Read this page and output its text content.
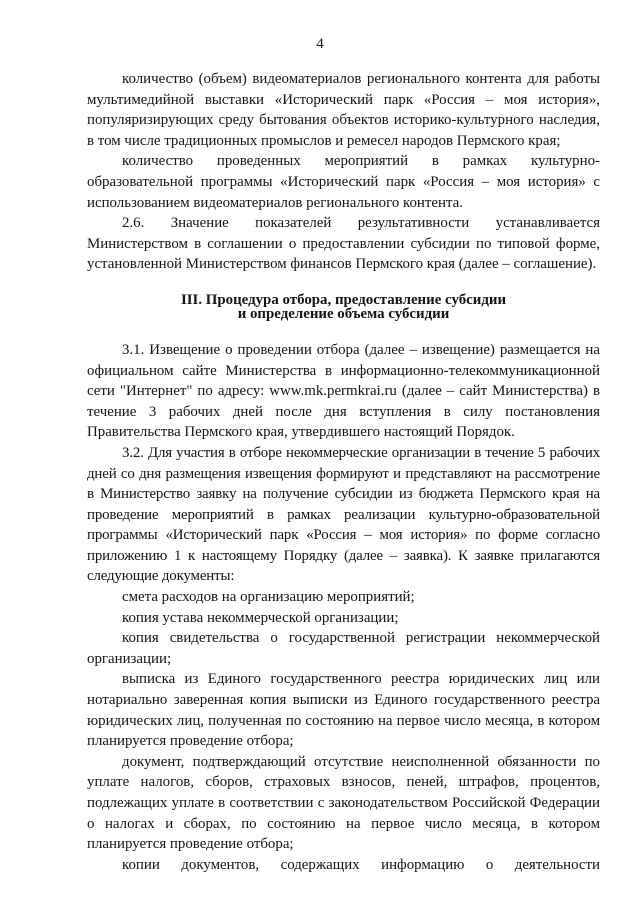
4

количество (объем) видеоматериалов регионального контента для работы мультимедийной выставки «Исторический парк «Россия – моя история», популяризирующих среду бытования объектов историко-культурного наследия, в том числе традиционных промыслов и ремесел народов Пермского края;

количество проведенных мероприятий в рамках культурно-образовательной программы «Исторический парк «Россия – моя история» с использованием видеоматериалов регионального контента.

2.6. Значение показателей результативности устанавливается Министерством в соглашении о предоставлении субсидии по типовой форме, установленной Министерством финансов Пермского края (далее – соглашение).

III. Процедура отбора, предоставление субсидии
и определение объема субсидии

3.1. Извещение о проведении отбора (далее – извещение) размещается на официальном сайте Министерства в информационно-телекоммуникационной сети "Интернет" по адресу: www.mk.permkrai.ru (далее – сайт Министерства) в течение 3 рабочих дней после дня вступления в силу постановления Правительства Пермского края, утвердившего настоящий Порядок.

3.2. Для участия в отборе некоммерческие организации в течение 5 рабочих дней со дня размещения извещения формируют и представляют на рассмотрение в Министерство заявку на получение субсидии из бюджета Пермского края на проведение мероприятий в рамках реализации культурно-образовательной программы «Исторический парк «Россия – моя история» по форме согласно приложению 1 к настоящему Порядку (далее – заявка). К заявке прилагаются следующие документы:

смета расходов на организацию мероприятий;

копия устава некоммерческой организации;

копия свидетельства о государственной регистрации некоммерческой организации;

выписка из Единого государственного реестра юридических лиц или нотариально заверенная копия выписки из Единого государственного реестра юридических лиц, полученная по состоянию на первое число месяца, в котором планируется проведение отбора;

документ, подтверждающий отсутствие неисполненной обязанности по уплате налогов, сборов, страховых взносов, пеней, штрафов, процентов, подлежащих уплате в соответствии с законодательством Российской Федерации о налогах и сборах, по состоянию на первое число месяца, в котором планируется проведение отбора;

копии документов, содержащих информацию о деятельности
